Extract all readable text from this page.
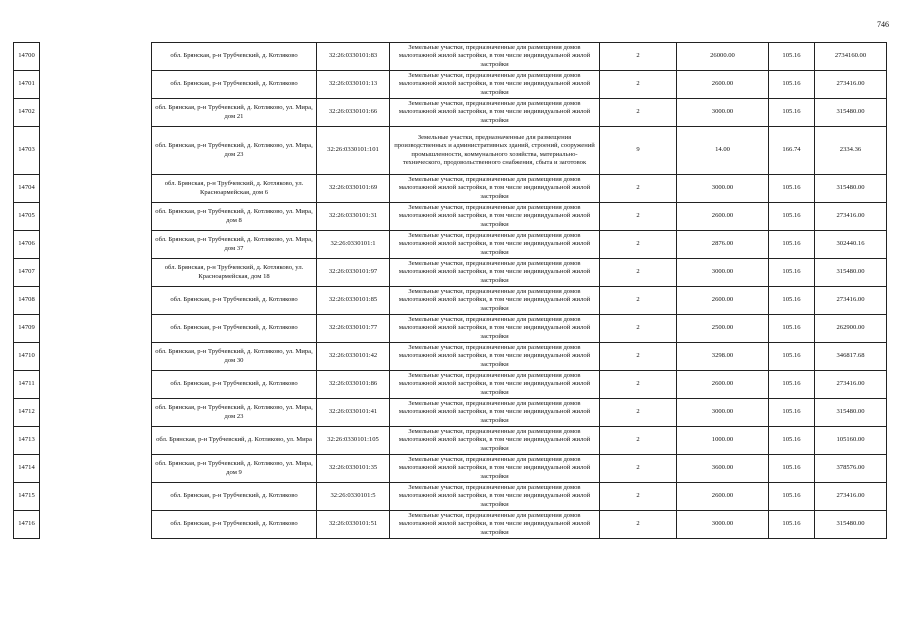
746
14700		обл. Брянская, р-н Трубчевский, д. Котляково	32:26:0330101:83	Земельные участки, предназначенные для размещения домов малоэтажной жилой застройки, в том числе индивидуальной жилой застройки	2	26000.00	105.16	2734160.00
14701		обл. Брянская, р-н Трубчевский, д. Котляково	32:26:0330101:13	Земельные участки, предназначенные для размещения домов малоэтажной жилой застройки, в том числе индивидуальной жилой застройки	2	2600.00	105.16	273416.00
14702		обл. Брянская, р-н Трубчевский, д. Котляково, ул. Мира, дом 21	32:26:0330101:66	Земельные участки, предназначенные для размещения домов малоэтажной жилой застройки, в том числе индивидуальной жилой застройки	2	3000.00	105.16	315480.00
14703		обл. Брянская, р-н Трубчевский, д. Котляково, ул. Мира, дом 23	32:26:0330101:101	Земельные участки, предназначенные для размещения производственных и административных зданий, строений, сооружений промышленности, коммунального хозяйства, материально-технического, продовольственного снабжения, сбыта и заготовок	9	14.00	166.74	2334.36
14704		обл. Брянская, р-н Трубчевский, д. Котляково, ул. Красноармейская, дом 6	32:26:0330101:69	Земельные участки, предназначенные для размещения домов малоэтажной жилой застройки, в том числе индивидуальной жилой застройки	2	3000.00	105.16	315480.00
14705		обл. Брянская, р-н Трубчевский, д. Котляково, ул. Мира, дом 8	32:26:0330101:31	Земельные участки, предназначенные для размещения домов малоэтажной жилой застройки, в том числе индивидуальной жилой застройки	2	2600.00	105.16	273416.00
14706		обл. Брянская, р-н Трубчевский, д. Котляково, ул. Мира, дом 37	32:26:0330101:1	Земельные участки, предназначенные для размещения домов малоэтажной жилой застройки, в том числе индивидуальной жилой застройки	2	2876.00	105.16	302440.16
14707		обл. Брянская, р-н Трубчевский, д. Котляково, ул. Красноармейская, дом 18	32:26:0330101:97	Земельные участки, предназначенные для размещения домов малоэтажной жилой застройки, в том числе индивидуальной жилой застройки	2	3000.00	105.16	315480.00
14708		обл. Брянская, р-н Трубчевский, д. Котляково	32:26:0330101:85	Земельные участки, предназначенные для размещения домов малоэтажной жилой застройки, в том числе индивидуальной жилой застройки	2	2600.00	105.16	273416.00
14709		обл. Брянская, р-н Трубчевский, д. Котляково	32:26:0330101:77	Земельные участки, предназначенные для размещения домов малоэтажной жилой застройки, в том числе индивидуальной жилой застройки	2	2500.00	105.16	262900.00
14710		обл. Брянская, р-н Трубчевский, д. Котляково, ул. Мира, дом 30	32:26:0330101:42	Земельные участки, предназначенные для размещения домов малоэтажной жилой застройки, в том числе индивидуальной жилой застройки	2	3298.00	105.16	346817.68
14711		обл. Брянская, р-н Трубчевский, д. Котляково	32:26:0330101:86	Земельные участки, предназначенные для размещения домов малоэтажной жилой застройки, в том числе индивидуальной жилой застройки	2	2600.00	105.16	273416.00
14712		обл. Брянская, р-н Трубчевский, д. Котляково, ул. Мира, дом 23	32:26:0330101:41	Земельные участки, предназначенные для размещения домов малоэтажной жилой застройки, в том числе индивидуальной жилой застройки	2	3000.00	105.16	315480.00
14713		обл. Брянская, р-н Трубчевский, д. Котляково, ул. Мира	32:26:0330101:105	Земельные участки, предназначенные для размещения домов малоэтажной жилой застройки, в том числе индивидуальной жилой застройки	2	1000.00	105.16	105160.00
14714		обл. Брянская, р-н Трубчевский, д. Котляково, ул. Мира, дом 9	32:26:0330101:35	Земельные участки, предназначенные для размещения домов малоэтажной жилой застройки, в том числе индивидуальной жилой застройки	2	3600.00	105.16	378576.00
14715		обл. Брянская, р-н Трубчевский, д. Котляково	32:26:0330101:5	Земельные участки, предназначенные для размещения домов малоэтажной жилой застройки, в том числе индивидуальной жилой застройки	2	2600.00	105.16	273416.00
14716		обл. Брянская, р-н Трубчевский, д. Котляково	32:26:0330101:51	Земельные участки, предназначенные для размещения домов малоэтажной жилой застройки, в том числе индивидуальной жилой застройки	2	3000.00	105.16	315480.00
